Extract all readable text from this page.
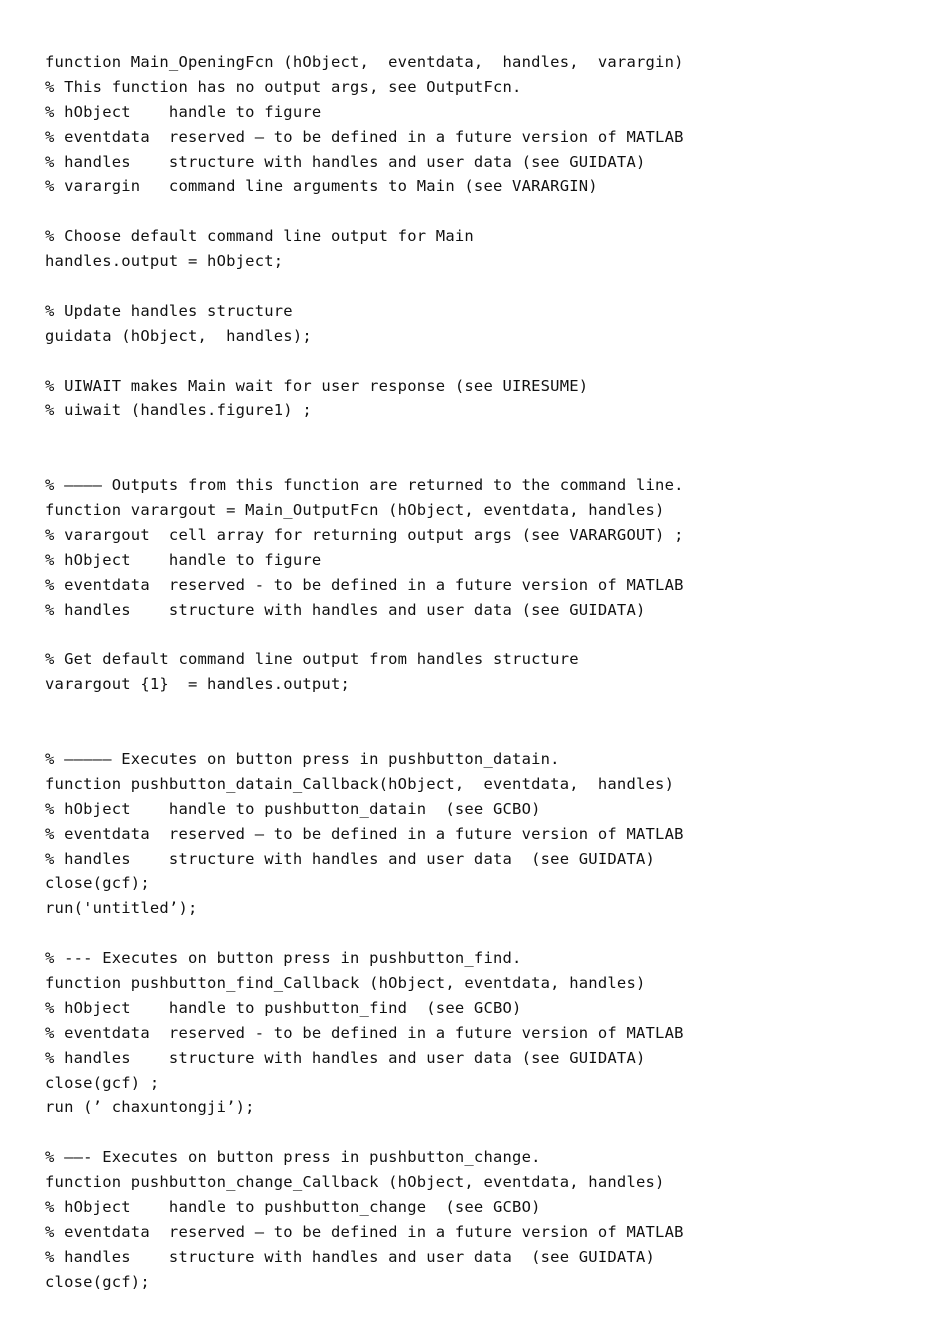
function Main_OpeningFcn (hObject,  eventdata,  handles,  varargin)
% This function has no output args, see OutputFcn.
% hObject    handle to figure
% eventdata  reserved — to be defined in a future version of MATLAB
% handles    structure with handles and user data (see GUIDATA)
% varargin   command line arguments to Main (see VARARGIN)
% Choose default command line output for Main
handles.output = hObject;
% Update handles structure
guidata (hObject,  handles);
% UIWAIT makes Main wait for user response (see UIRESUME)
% uiwait (handles.figure1) ;
% ———— Outputs from this function are returned to the command line.
function varargout = Main_OutputFcn (hObject, eventdata, handles)
% varargout  cell array for returning output args (see VARARGOUT) ;
% hObject    handle to figure
% eventdata  reserved - to be defined in a future version of MATLAB
% handles    structure with handles and user data (see GUIDATA)
% Get default command line output from handles structure
varargout {1}  = handles.output;
% ————— Executes on button press in pushbutton_datain.
function pushbutton_datain_Callback(hObject,  eventdata,  handles)
% hObject    handle to pushbutton_datain  (see GCBO)
% eventdata  reserved — to be defined in a future version of MATLAB
% handles    structure with handles and user data  (see GUIDATA)
close(gcf);
run('untitled’);
% --- Executes on button press in pushbutton_find.
function pushbutton_find_Callback (hObject, eventdata, handles)
% hObject    handle to pushbutton_find  (see GCBO)
% eventdata  reserved - to be defined in a future version of MATLAB
% handles    structure with handles and user data (see GUIDATA)
close(gcf) ;
run (’ chaxuntongji’);
% ——- Executes on button press in pushbutton_change.
function pushbutton_change_Callback (hObject, eventdata, handles)
% hObject    handle to pushbutton_change  (see GCBO)
% eventdata  reserved — to be defined in a future version of MATLAB
% handles    structure with handles and user data  (see GUIDATA)
close(gcf);
